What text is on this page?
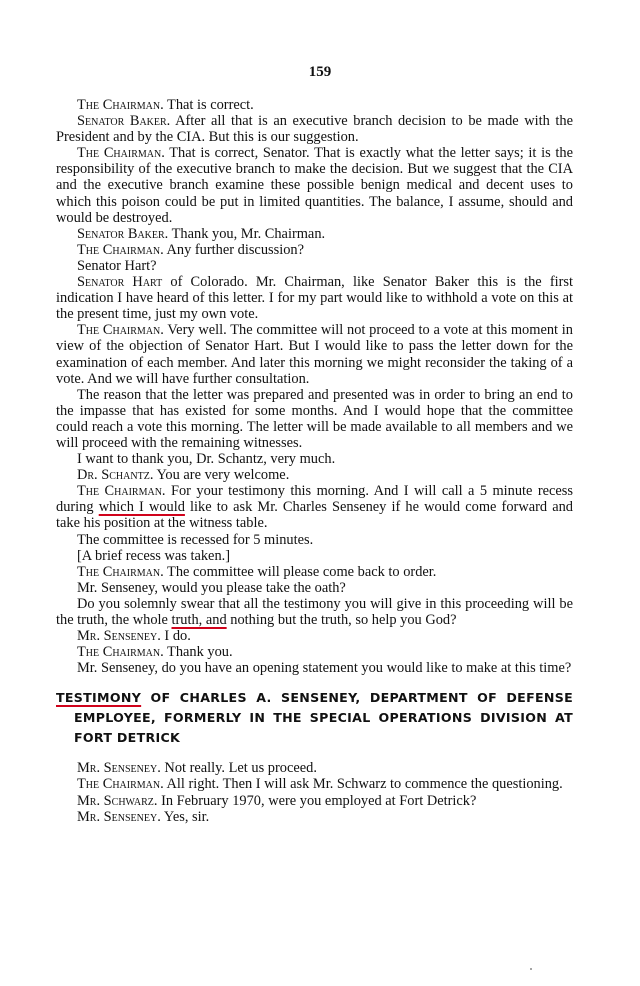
159

The Chairman. That is correct.

Senator Baker. After all that is an executive branch decision to be made with the President and by the CIA. But this is our suggestion.

The Chairman. That is correct, Senator. That is exactly what the letter says; it is the responsibility of the executive branch to make the decision. But we suggest that the CIA and the executive branch examine these possible benign medical and decent uses to which this poison could be put in limited quantities. The balance, I assume, should and would be destroyed.

Senator Baker. Thank you, Mr. Chairman.

The Chairman. Any further discussion?

Senator Hart?

Senator Hart of Colorado. Mr. Chairman, like Senator Baker this is the first indication I have heard of this letter. I for my part would like to withhold a vote on this at the present time, just my own vote.

The Chairman. Very well. The committee will not proceed to a vote at this moment in view of the objection of Senator Hart. But I would like to pass the letter down for the examination of each member. And later this morning we might reconsider the taking of a vote. And we will have further consultation.

The reason that the letter was prepared and presented was in order to bring an end to the impasse that has existed for some months. And I would hope that the committee could reach a vote this morning. The letter will be made available to all members and we will proceed with the remaining witnesses.

I want to thank you, Dr. Schantz, very much.

Dr. Schantz. You are very welcome.

The Chairman. For your testimony this morning. And I will call a 5 minute recess during which I would like to ask Mr. Charles Senseney if he would come forward and take his position at the witness table.

The committee is recessed for 5 minutes.

[A brief recess was taken.]

The Chairman. The committee will please come back to order.

Mr. Senseney, would you please take the oath?

Do you solemnly swear that all the testimony you will give in this proceeding will be the truth, the whole truth, and nothing but the truth, so help you God?

Mr. Senseney. I do.

The Chairman. Thank you.

Mr. Senseney, do you have an opening statement you would like to make at this time?

TESTIMONY OF CHARLES A. SENSENEY, DEPARTMENT OF DEFENSE EMPLOYEE, FORMERLY IN THE SPECIAL OPERATIONS DIVISION AT FORT DETRICK

Mr. Senseney. Not really. Let us proceed.

The Chairman. All right. Then I will ask Mr. Schwarz to commence the questioning.

Mr. Schwarz. In February 1970, were you employed at Fort Detrick?

Mr. Senseney. Yes, sir.
